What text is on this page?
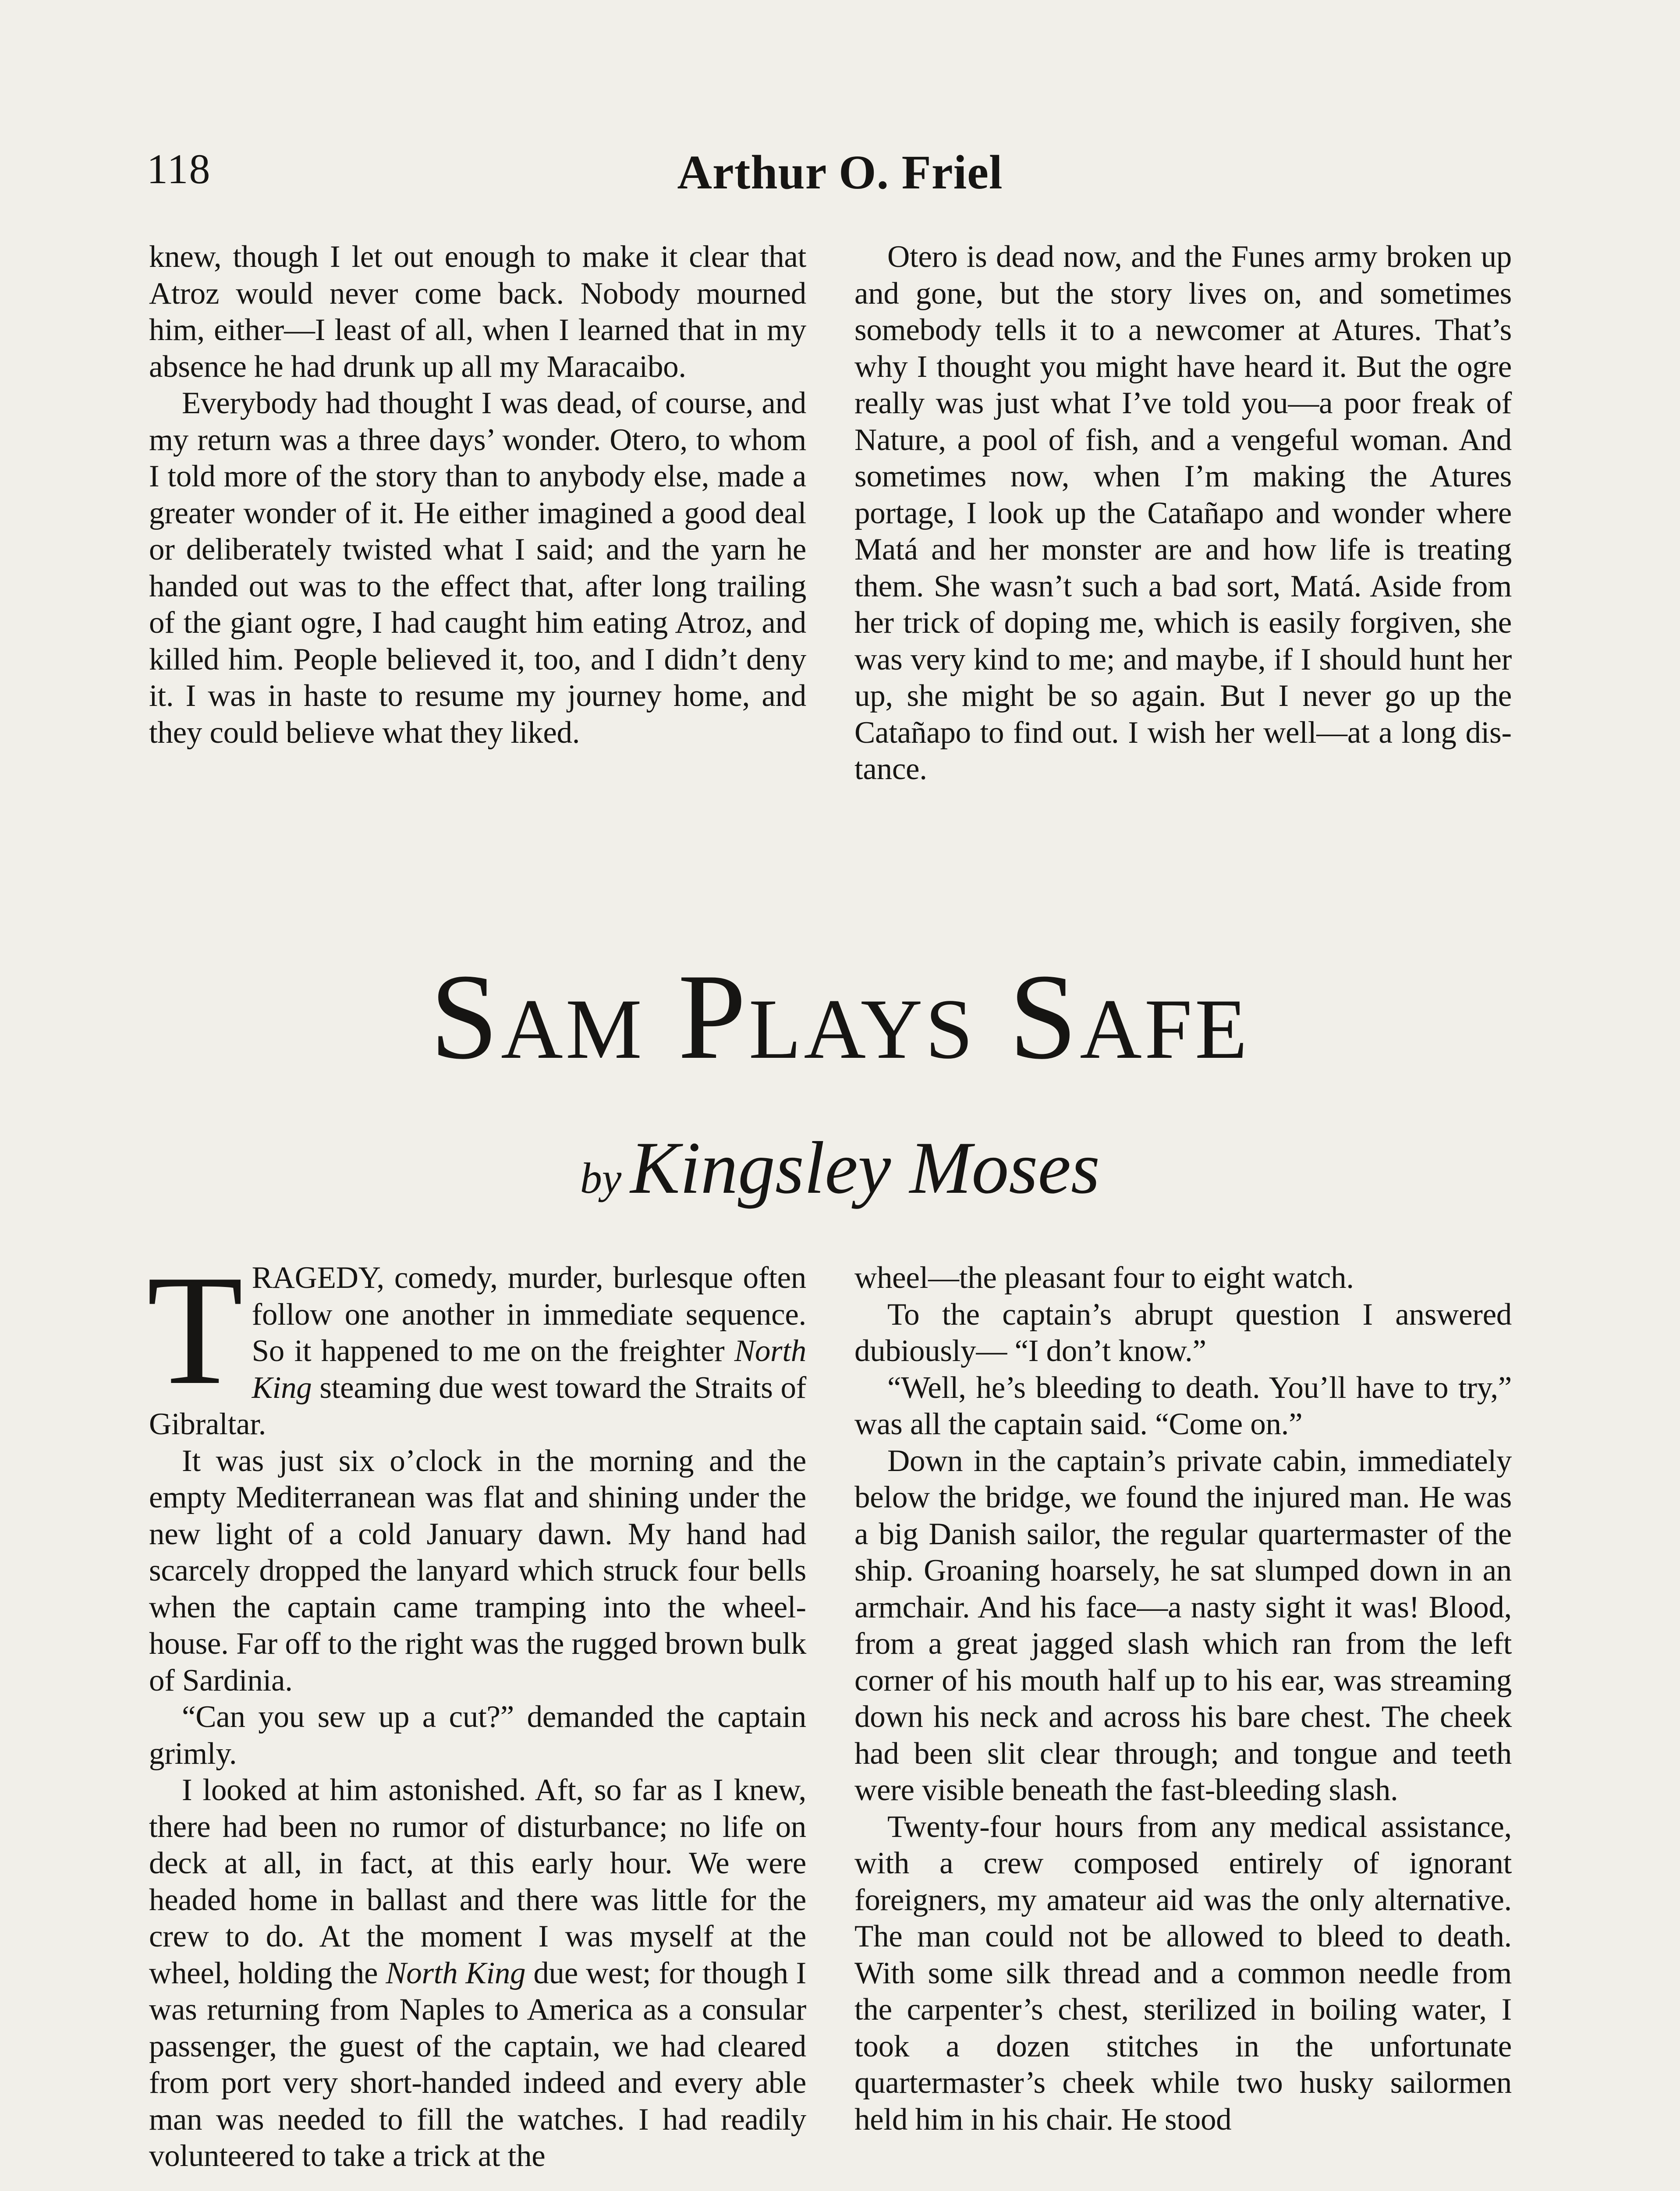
118	Arthur O. Friel

knew, though I let out enough to make it clear that Atroz would never come back. Nobody mourned him, either—I least of all, when I learned that in my absence he had drunk up all my Maracaibo.

Everybody had thought I was dead, of course, and my return was a three days’ wonder. Otero, to whom I told more of the story than to anybody else, made a greater wonder of it. He either imagined a good deal or deliberately twisted what I said; and the yarn he handed out was to the effect that, after long trailing of the giant ogre, I had caught him eating Atroz, and killed him. People believed it, too, and I didn’t deny it. I was in haste to resume my journey home, and they could believe what they liked.

Otero is dead now, and the Funes army broken up and gone, but the story lives on, and sometimes somebody tells it to a newcomer at Atures. That’s why I thought you might have heard it. But the ogre really was just what I’ve told you—a poor freak of Nature, a pool of fish, and a vengeful woman. And sometimes now, when I’m making the Atures portage, I look up the Catañapo and wonder where Matá and her monster are and how life is treating them. She wasn’t such a bad sort, Matá. Aside from her trick of doping me, which is easily forgiven, she was very kind to me; and maybe, if I should hunt her up, she might be so again. But I never go up the Catañapo to find out. I wish her well—at a long distance.

Sam Plays Safe
by Kingsley Moses

TRAGEDY, comedy, murder, burlesque often follow one another in immediate sequence. So it happened to me on the freighter North King steaming due west toward the Straits of Gibraltar.

It was just six o’clock in the morning and the empty Mediterranean was flat and shining under the new light of a cold January dawn. My hand had scarcely dropped the lanyard which struck four bells when the captain came tramping into the wheelhouse. Far off to the right was the rugged brown bulk of Sardinia.

“Can you sew up a cut?” demanded the captain grimly.

I looked at him astonished. Aft, so far as I knew, there had been no rumor of disturbance; no life on deck at all, in fact, at this early hour. We were headed home in ballast and there was little for the crew to do. At the moment I was myself at the wheel, holding the North King due west; for though I was returning from Naples to America as a consular passenger, the guest of the captain, we had cleared from port very short-handed indeed and every able man was needed to fill the watches. I had readily volunteered to take a trick at the

wheel—the pleasant four to eight watch.

To the captain’s abrupt question I answered dubiously— “I don’t know.”

“Well, he’s bleeding to death. You’ll have to try,” was all the captain said. “Come on.”

Down in the captain’s private cabin, immediately below the bridge, we found the injured man. He was a big Danish sailor, the regular quartermaster of the ship. Groaning hoarsely, he sat slumped down in an armchair. And his face—a nasty sight it was! Blood, from a great jagged slash which ran from the left corner of his mouth half up to his ear, was streaming down his neck and across his bare chest. The cheek had been slit clear through; and tongue and teeth were visible beneath the fast-bleeding slash.

Twenty-four hours from any medical assistance, with a crew composed entirely of ignorant foreigners, my amateur aid was the only alternative. The man could not be allowed to bleed to death. With some silk thread and a common needle from the carpenter’s chest, sterilized in boiling water, I took a dozen stitches in the unfortunate quartermaster’s cheek while two husky sailormen held him in his chair. He stood
